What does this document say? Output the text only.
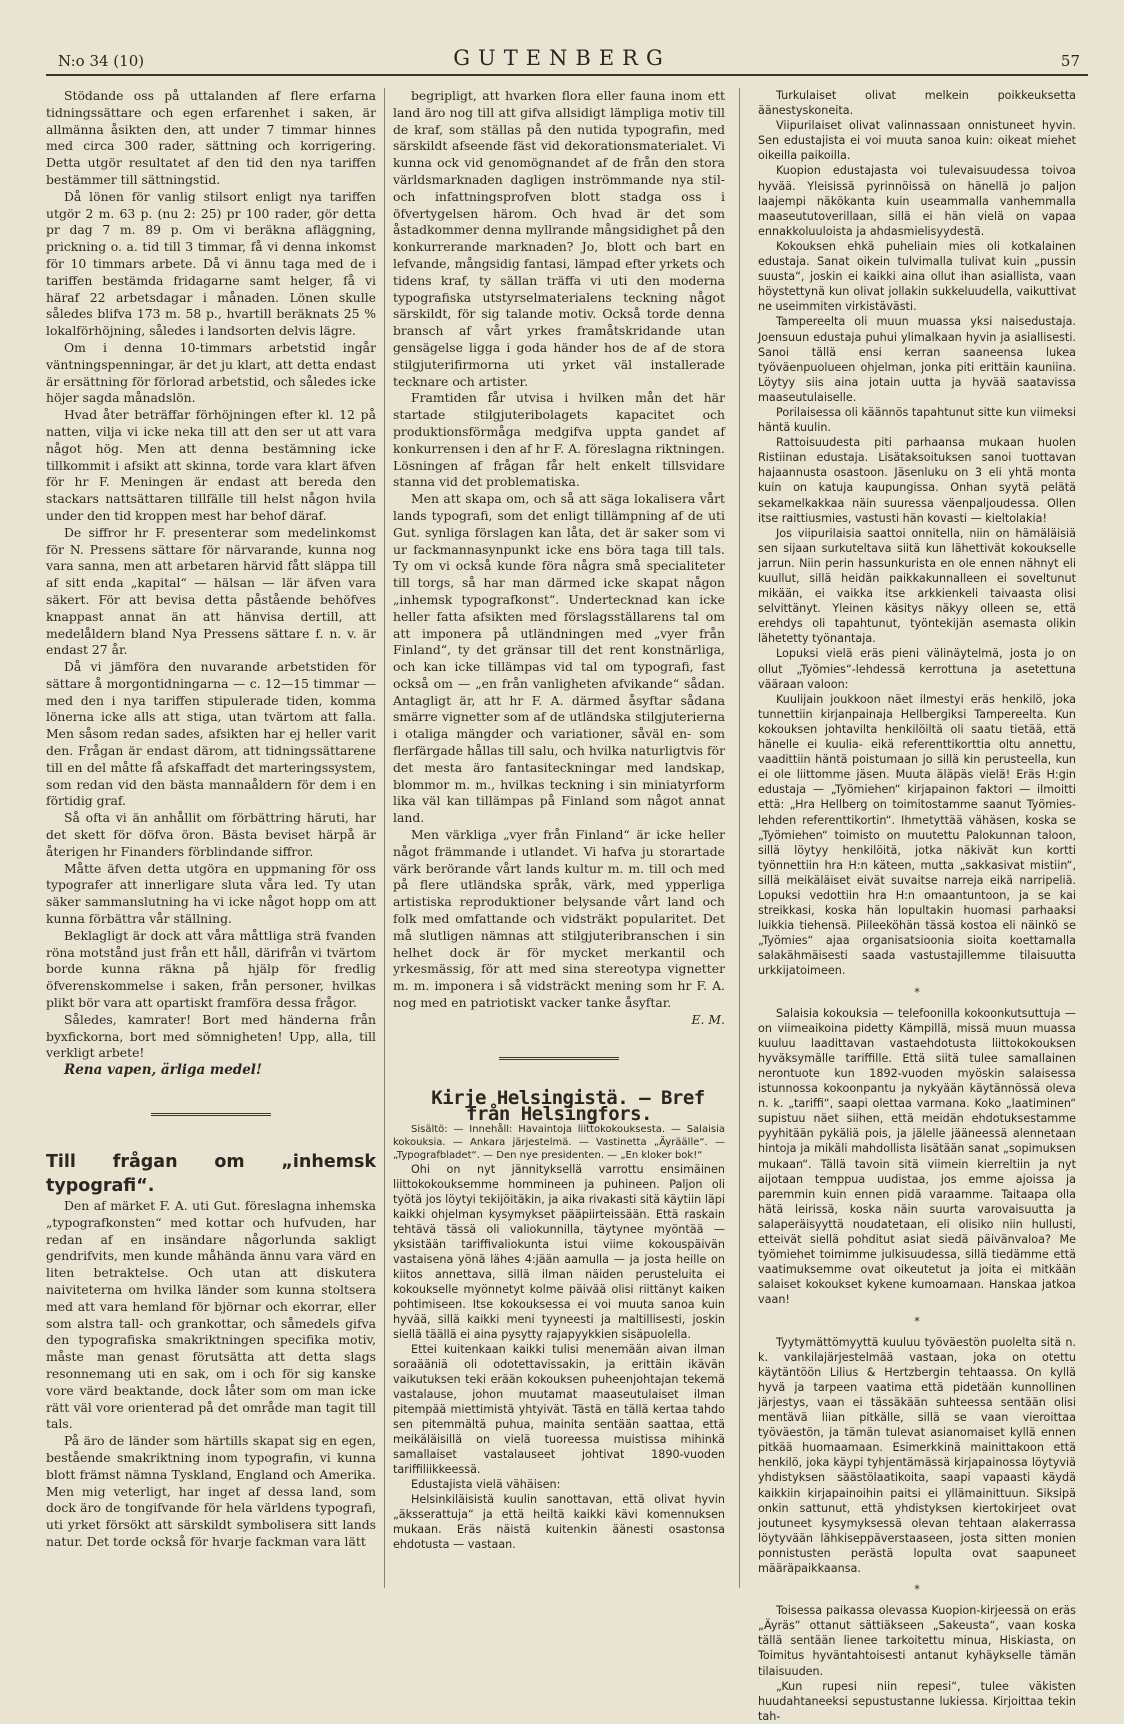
N:o 34 (10)	GUTENBERG	57

Stödande oss på uttalanden af flere erfarna tidningssättare och egen erfarenhet i saken, är allmänna åsikten den, att under 7 timmar hinnes med circa 300 rader, sättning och korrigering. Detta utgör resultatet af den tid den nya tariffen bestämmer till sättningstid.

Då lönen för vanlig stilsort enligt nya tariffen utgör 2 m. 63 p. (nu 2: 25) pr 100 rader, gör detta pr dag 7 m. 89 p. Om vi beräkna afläggning, prickning o. a. tid till 3 timmar, få vi denna inkomst för 10 timmars arbete. Då vi ännu taga med de i tariffen bestämda fridagarne samt helger, få vi häraf 22 arbetsdagar i månaden. Lönen skulle således blifva 173 m. 58 p., hvartill beräknats 25 % lokalförhöjning, således i landsorten delvis lägre.

Om i denna 10-timmars arbetstid ingår väntningspenningar, är det ju klart, att detta endast är ersättning för förlorad arbetstid, och således icke höjer sagda månadslön.

Hvad åter beträffar förhöjningen efter kl. 12 på natten, vilja vi icke neka till att den ser ut att vara något hög. Men att denna bestämning icke tillkommit i afsikt att skinna, torde vara klart äfven för hr F. Meningen är endast att bereda den stackars nattsättaren tillfälle till helst någon hvila under den tid kroppen mest har behof däraf.

De siffror hr F. presenterar som medelinkomst för N. Pressens sättare för närvarande, kunna nog vara sanna, men att arbetaren härvid fått släppa till af sitt enda „kapital“ — hälsan — lär äfven vara säkert. För att bevisa detta påstående behöfves knappast annat än att hänvisa dertill, att medelåldern bland Nya Pressens sättare f. n. v. är endast 27 år.

Då vi jämföra den nuvarande arbetstiden för sättare å morgontidningarna — c. 12—15 timmar — med den i nya tariffen stipulerade tiden, komma lönerna icke alls att stiga, utan tvärtom att falla. Men såsom redan sades, afsikten har ej heller varit den. Frågan är endast därom, att tidningssättarene till en del måtte få afskaffadt det marteringssystem, som redan vid den bästa mannaåldern för dem i en förtidig graf.

Så ofta vi än anhållit om förbättring häruti, har det skett för döfva öron. Bästa beviset härpå är återigen hr Finanders förblindande siffror.

Måtte äfven detta utgöra en uppmaning för oss typografer att innerligare sluta våra led. Ty utan säker sammanslutning ha vi icke något hopp om att kunna förbättra vår ställning.

Beklagligt är dock att våra måttliga strä fvanden röna motstånd just från ett håll, därifrån vi tvärtom borde kunna räkna på hjälp för fredlig öfverenskommelse i saken, från personer, hvilkas plikt bör vara att opartiskt framföra dessa frågor.

Således, kamrater! Bort med händerna från byxfickorna, bort med sömnigheten! Upp, alla, till verkligt arbete!

Rena vapen, ärliga medel!

Till frågan om „inhemsk typografi“.

Den af märket F. A. uti Gut. föreslagna inhemska „typografkonsten“ med kottar och hufvuden, har redan af en insändare någorlunda sakligt gendrifvits, men kunde måhända ännu vara värd en liten betraktelse. Och utan att diskutera naiviteterna om hvilka länder som kunna stoltsera med att vara hemland för björnar och ekorrar, eller som alstra tall- och grankottar, och såmedels gifva den typografiska smakriktningen specifika motiv, måste man genast förutsätta att detta slags resonnemang uti en sak, om i och för sig kanske vore värd beaktande, dock låter som om man icke rätt väl vore orienterad på det område man tagit till tals.

På äro de länder som härtills skapat sig en egen, bestående smakriktning inom typografin, vi kunna blott främst nämna Tyskland, England och Amerika. Men mig veterligt, har inget af dessa land, som dock äro de tongifvande för hela världens typografi, uti yrket försökt att särskildt symbolisera sitt lands natur. Det torde också för hvarje fackman vara lätt

begripligt, att hvarken flora eller fauna inom ett land äro nog till att gifva allsidigt lämpliga motiv till de kraf, som ställas på den nutida typografin, med särskildt afseende fäst vid dekorationsmaterialet. Vi kunna ock vid genomögnandet af de från den stora världsmarknaden dagligen inströmmande nya stil- och infattningsprofven blott stadga oss i öfvertygelsen härom. Och hvad är det som åstadkommer denna myllrande mångsidighet på den konkurrerande marknaden? Jo, blott och bart en lefvande, mångsidig fantasi, lämpad efter yrkets och tidens kraf, ty sällan träffa vi uti den moderna typografiska utstyrselmaterialens teckning något särskildt, för sig talande motiv. Också torde denna bransch af vårt yrkes framåtskridande utan gensägelse ligga i goda händer hos de af de stora stilgjuterifirmorna uti yrket väl installerade tecknare och artister.

Framtiden får utvisa i hvilken mån det här startade stilgjuteribolagets kapacitet och produktionsförmåga medgifva uppta gandet af konkurrensen i den af hr F. A. föreslagna riktningen. Lösningen af frågan får helt enkelt tillsvidare stanna vid det problematiska.

Men att skapa om, och så att säga lokalisera vårt lands typografi, som det enligt tillämpning af de uti Gut. synliga förslagen kan låta, det är saker som vi ur fackmannasynpunkt icke ens böra taga till tals. Ty om vi också kunde föra några små specialiteter till torgs, så har man därmed icke skapat någon „inhemsk typografkonst“. Undertecknad kan icke heller fatta afsikten med förslagsställarens tal om att imponera på utländningen med „vyer från Finland“, ty det gränsar till det rent konstnärliga, och kan icke tillämpas vid tal om typografi, fast också om — „en från vanligheten afvikande“ sådan. Antagligt är, att hr F. A. därmed åsyftar sådana smärre vignetter som af de utländska stilgjuterierna i otaliga mängder och variationer, såväl en- som flerfärgade hållas till salu, och hvilka naturligtvis för det mesta äro fantasiteckningar med landskap, blommor m. m., hvilkas teckning i sin miniatyrform lika väl kan tillämpas på Finland som något annat land.

Men värkliga „vyer från Finland“ är icke heller något främmande i utlandet. Vi hafva ju storartade värk berörande vårt lands kultur m. m. till och med på flere utländska språk, värk, med ypperliga artistiska reproduktioner belysande vårt land och folk med omfattande och vidsträkt popularitet. Det må slutligen nämnas att stilgjuteribranschen i sin helhet dock är för mycket merkantil och yrkesmässig, för att med sina stereotypa vignetter m. m. imponera i så vidsträckt mening som hr F. A. nog med en patriotiskt vacker tanke åsyftar.

E. M.

Kirje Helsingistä. — Bref från Helsingfors.

Sisältö: — Innehåll: Havaintoja liittokokouksesta. — Salaisia kokouksia. — Ankara järjestelmä. — Vastinetta „Äyräälle“. — „Typografbladet“. — Den nye presidenten. — „En kloker bok!“

Ohi on nyt jännityksellä varrottu ensimäinen liittokokouksemme hommineen ja puhineen. Paljon oli työtä jos löytyi tekijöitäkin, ja aika rivakasti sitä käytiin läpi kaikki ohjelman kysymykset pääpiirteissään. Että raskain tehtävä tässä oli valiokunnilla, täytynee myöntää — yksistään tariffivaliokunta istui viime kokouspäivän vastaisena yönä lähes 4:jään aamulla — ja josta heille on kiitos annettava, sillä ilman näiden perusteluita ei kokoukselle myönnetyt kolme päivää olisi riittänyt kaiken pohtimiseen. Itse kokouksessa ei voi muuta sanoa kuin hyvää, sillä kaikki meni tyyneesti ja maltillisesti, joskin siellä täällä ei aina pysytty rajapyykkien sisäpuolella.

Ettei kuitenkaan kaikki tulisi menemään aivan ilman soraääniä oli odotettavissakin, ja erittäin ikävän vaikutuksen teki erään kokouksen puheenjohtajan tekemä vastalause, johon muutamat maaseutulaiset ilman pitempää miettimistä yhtyivät. Tästä en tällä kertaa tahdo sen pitemmältä puhua, mainita sentään saattaa, että meikäläisillä on vielä tuoreessa muistissa mihinkä samallaiset vastalauseet johtivat 1890-vuoden tariffiliikkeessä.

Edustajista vielä vähäisen:

Helsinkiläisistä kuulin sanottavan, että olivat hyvin „äksserattuja“ ja että heiltä kaikki kävi komennuksen mukaan. Eräs näistä kuitenkin äänesti osastonsa ehdotusta — vastaan.

Turkulaiset olivat melkein poikkeuksetta äänestyskoneita.

Viipurilaiset olivat valinnassaan onnistuneet hyvin. Sen edustajista ei voi muuta sanoa kuin: oikeat miehet oikeilla paikoilla.

Kuopion edustajasta voi tulevaisuudessa toivoa hyvää. Yleisissä pyrinnöissä on hänellä jo paljon laajempi näkökanta kuin useammalla vanhemmalla maaseututoverillaan, sillä ei hän vielä on vapaa ennakkoluuloista ja ahdasmielisyydestä.

Kokouksen ehkä puheliain mies oli kotkalainen edustaja. Sanat oikein tulvimalla tulivat kuin „pussin suusta“, joskin ei kaikki aina ollut ihan asiallista, vaan höystettynä kun olivat jollakin sukkeluudella, vaikuttivat ne useimmiten virkistävästi.

Tampereelta oli muun muassa yksi naisedustaja. Joensuun edustaja puhui ylimalkaan hyvin ja asiallisesti. Sanoi tällä ensi kerran saaneensa lukea työväenpuolueen ohjelman, jonka piti erittäin kauniina. Löytyy siis aina jotain uutta ja hyvää saatavissa maaseutulaiselle.

Porilaisessa oli käännös tapahtunut sitte kun viimeksi häntä kuulin.

Rattoisuudesta piti parhaansa mukaan huolen Ristiinan edustaja. Lisätaksoituksen sanoi tuottavan hajaannusta osastoon. Jäsenluku on 3 eli yhtä monta kuin on katuja kaupungissa. Onhan syytä pelätä sekamelkakkaa näin suuressa väenpaljoudessa. Ollen itse raittiusmies, vastusti hän kovasti — kieltolakia!

Jos viipurilaisia saattoi onnitella, niin on hämäläisiä sen sijaan surkuteltava siitä kun lähettivät kokoukselle jarrun. Niin perin hassunkurista en ole ennen nähnyt eli kuullut, sillä heidän paikkakunnalleen ei soveltunut mikään, ei vaikka itse arkkienkeli taivaasta olisi selvittänyt. Yleinen käsitys näkyy olleen se, että erehdys oli tapahtunut, työntekijän asemasta olikin lähetetty työnantaja.

Lopuksi vielä eräs pieni välinäytelmä, josta jo on ollut „Työmies“-lehdessä kerrottuna ja asetettuna vääraan valoon:

Kuulijain joukkoon näet ilmestyi eräs henkilö, joka tunnettiin kirjanpainaja Hellbergiksi Tampereelta. Kun kokouksen johtavilta henkilöiltä oli saatu tietää, että hänelle ei kuulia- eikä referenttikorttia oltu annettu, vaadittiin häntä poistumaan jo sillä kin perusteella, kun ei ole liittomme jäsen. Muuta äläpäs vielä! Eräs H:gin edustaja — „Työmiehen“ kirjapainon faktori — ilmoitti että: „Hra Hellberg on toimitostamme saanut Työmies-lehden referenttikortin“. Ihmetyttää vähäsen, koska se „Työmiehen“ toimisto on muutettu Palokunnan taloon, sillä löytyy henkilöitä, jotka näkivät kun kortti työnnettiin hra H:n käteen, mutta „sakkasivat mistiin“, sillä meikäläiset eivät suvaitse narreja eikä narripeliä. Lopuksi vedottiin hra H:n omaantuntoon, ja se kai streikkasi, koska hän lopultakin huomasi parhaaksi luikkia tiehensä. Piileeköhän tässä kostoa eli näinkö se „Työmies“ ajaa organisatsioonia sioita koettamalla salakähmäisesti saada vastustajillemme tilaisuutta urkkijatoimeen.

*

Salaisia kokouksia — telefoonilla kokoonkutsuttuja — on viimeaikoina pidetty Kämpillä, missä muun muassa kuuluu laadittavan vastaehdotusta liittokokouksen hyväksymälle tariffille. Että siitä tulee samallainen nerontuote kun 1892-vuoden myöskin salaisessa istunnossa kokoonpantu ja nykyään käytännössä oleva n. k. „tariffi“, saapi olettaa varmana. Koko „laatiminen“ supistuu näet siihen, että meidän ehdotuksestamme pyyhitään pykäliä pois, ja jälelle jääneessä alennetaan hintoja ja mikäli mahdollista lisätään sanat „sopimuksen mukaan“. Tällä tavoin sitä viimein kierreltiin ja nyt aijotaan temppua uudistaa, jos emme ajoissa ja paremmin kuin ennen pidä varaamme. Taitaapa olla hätä leirissä, koska näin suurta varovaisuutta ja salaperäisyyttä noudatetaan, eli olisiko niin hullusti, etteivät siellä pohditut asiat siedä päivänvaloa? Me työmiehet toimimme julkisuudessa, sillä tiedämme että vaatimuksemme ovat oikeutetut ja joita ei mitkään salaiset kokoukset kykene kumoamaan. Hanskaa jatkoa vaan!

*

Tyytymättömyyttä kuuluu työväestön puolelta sitä n. k. vankilajärjestelmää vastaan, joka on otettu käytäntöön Lilius & Hertzbergin tehtaassa. On kyllä hyvä ja tarpeen vaatima että pidetään kunnollinen järjestys, vaan ei tässäkään suhteessa sentään olisi mentävä liian pitkälle, sillä se vaan vieroittaa työväestön, ja tämän tulevat asianomaiset kyllä ennen pitkää huomaamaan. Esimerkkinä mainittakoon että henkilö, joka käypi tyhjentämässä kirjapainossa löytyviä yhdistyksen säästölaatikoita, saapi vapaasti käydä kaikkiin kirjapainoihin paitsi ei yllämainittuun. Siksipä onkin sattunut, että yhdistyksen kiertokirjeet ovat joutuneet kysymyksessä olevan tehtaan alakerrassa löytyvään lähkiseppäverstaaseen, josta sitten monien ponnistusten perästä lopulta ovat saapuneet määräpaikkaansa.

*

Toisessa paikassa olevassa Kuopion-kirjeessä on eräs „Äyräs“ ottanut sättiäkseen „Sakeusta“, vaan koska tällä sentään lienee tarkoitettu minua, Hiskiasta, on Toimitus hyväntahtoisesti antanut kyhäykselle tämän tilaisuuden.

„Kun rupesi niin repesi“, tulee väkisten huudahtaneeksi sepustustanne lukiessa. Kirjoittaa tekin tah-
